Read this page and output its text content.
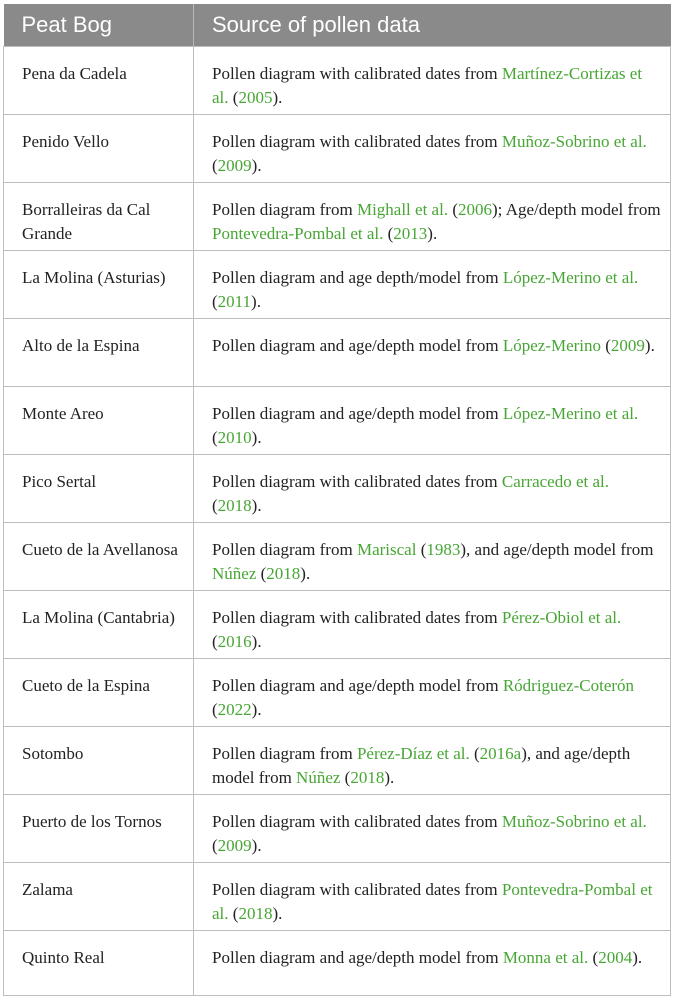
Peat Bog	Source of pollen data
Pena da Cadela	Pollen diagram with calibrated dates from Martínez-Cortizas et al. (2005).
Penido Vello	Pollen diagram with calibrated dates from Muñoz-Sobrino et al. (2009).
Borralleiras da Cal Grande	Pollen diagram from Mighall et al. (2006); Age/depth model from Pontevedra-Pombal et al. (2013).
La Molina (Asturias)	Pollen diagram and age depth/model from López-Merino et al. (2011).
Alto de la Espina	Pollen diagram and age/depth model from López-Merino (2009).
Monte Areo	Pollen diagram and age/depth model from López-Merino et al. (2010).
Pico Sertal	Pollen diagram with calibrated dates from Carracedo et al. (2018).
Cueto de la Avellanosa	Pollen diagram from Mariscal (1983), and age/depth model from Núñez (2018).
La Molina (Cantabria)	Pollen diagram with calibrated dates from Pérez-Obiol et al. (2016).
Cueto de la Espina	Pollen diagram and age/depth model from Ródriguez-Coterón (2022).
Sotombo	Pollen diagram from Pérez-Díaz et al. (2016a), and age/depth model from Núñez (2018).
Puerto de los Tornos	Pollen diagram with calibrated dates from Muñoz-Sobrino et al. (2009).
Zalama	Pollen diagram with calibrated dates from Pontevedra-Pombal et al. (2018).
Quinto Real	Pollen diagram and age/depth model from Monna et al. (2004).
